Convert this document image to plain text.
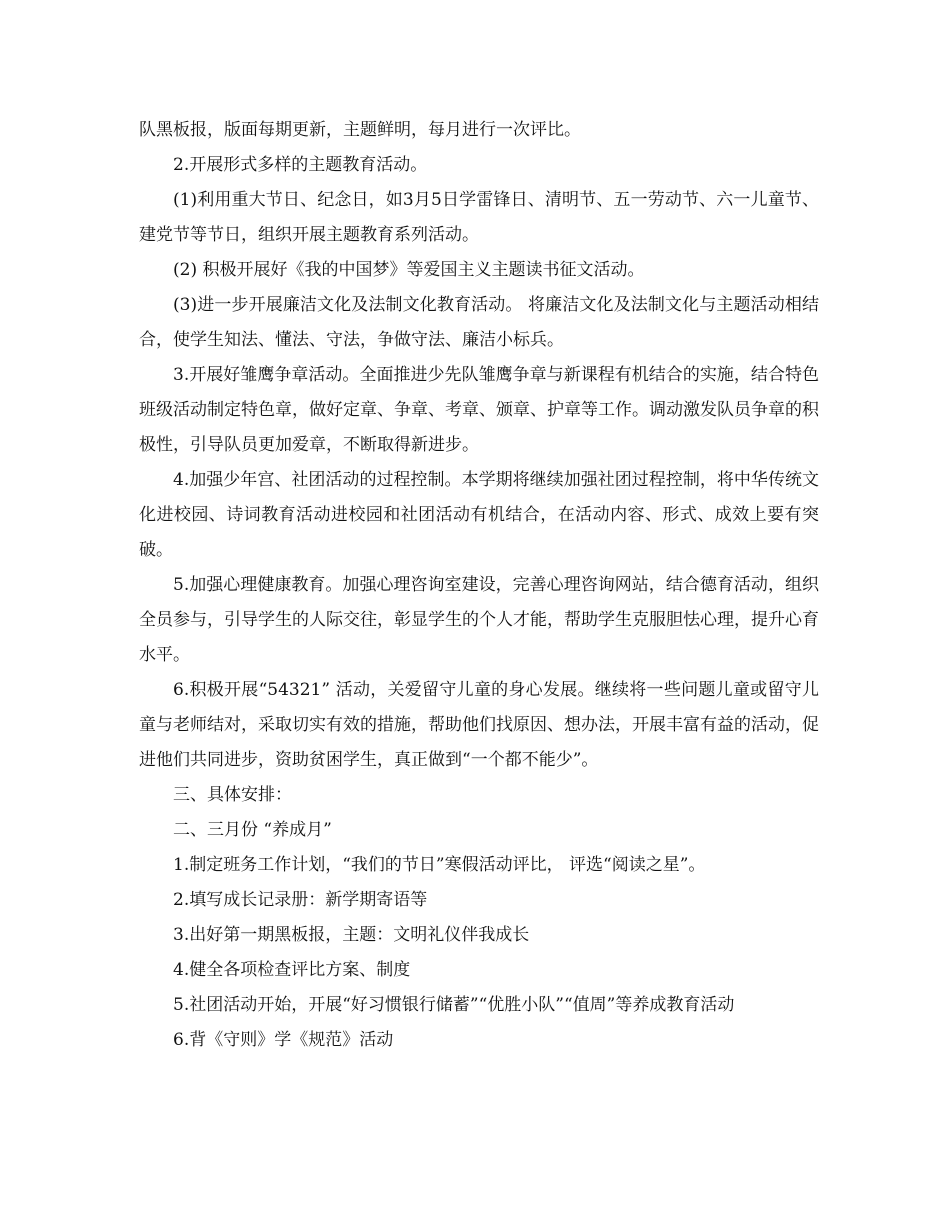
队黑板报，版面每期更新，主题鲜明，每月进行一次评比。

2.开展形式多样的主题教育活动。

(1)利用重大节日、纪念日，如3月5日学雷锋日、清明节、五一劳动节、六一儿童节、建党节等节日，组织开展主题教育系列活动。

(2) 积极开展好《我的中国梦》等爱国主义主题读书征文活动。

(3)进一步开展廉洁文化及法制文化教育活动。 将廉洁文化及法制文化与主题活动相结合，使学生知法、懂法、守法，争做守法、廉洁小标兵。

3.开展好雏鹰争章活动。全面推进少先队雏鹰争章与新课程有机结合的实施，结合特色班级活动制定特色章，做好定章、争章、考章、颁章、护章等工作。调动激发队员争章的积极性，引导队员更加爱章，不断取得新进步。

4.加强少年宫、社团活动的过程控制。本学期将继续加强社团过程控制，将中华传统文化进校园、诗词教育活动进校园和社团活动有机结合，在活动内容、形式、成效上要有突破。

5.加强心理健康教育。加强心理咨询室建设，完善心理咨询网站，结合德育活动，组织全员参与，引导学生的人际交往，彰显学生的个人才能，帮助学生克服胆怯心理，提升心育水平。

6.积极开展“54321” 活动，关爱留守儿童的身心发展。继续将一些问题儿童或留守儿童与老师结对，采取切实有效的措施，帮助他们找原因、想办法，开展丰富有益的活动，促进他们共同进步，资助贫困学生，真正做到“一个都不能少”。

三、具体安排：

二、三月份 “养成月”

1.制定班务工作计划，“我们的节日”寒假活动评比， 评选“阅读之星”。

2.填写成长记录册：新学期寄语等

3.出好第一期黑板报，主题：文明礼仪伴我成长

4.健全各项检查评比方案、制度

5.社团活动开始，开展“好习惯银行储蓄”“优胜小队”“值周”等养成教育活动

6.背《守则》学《规范》活动
